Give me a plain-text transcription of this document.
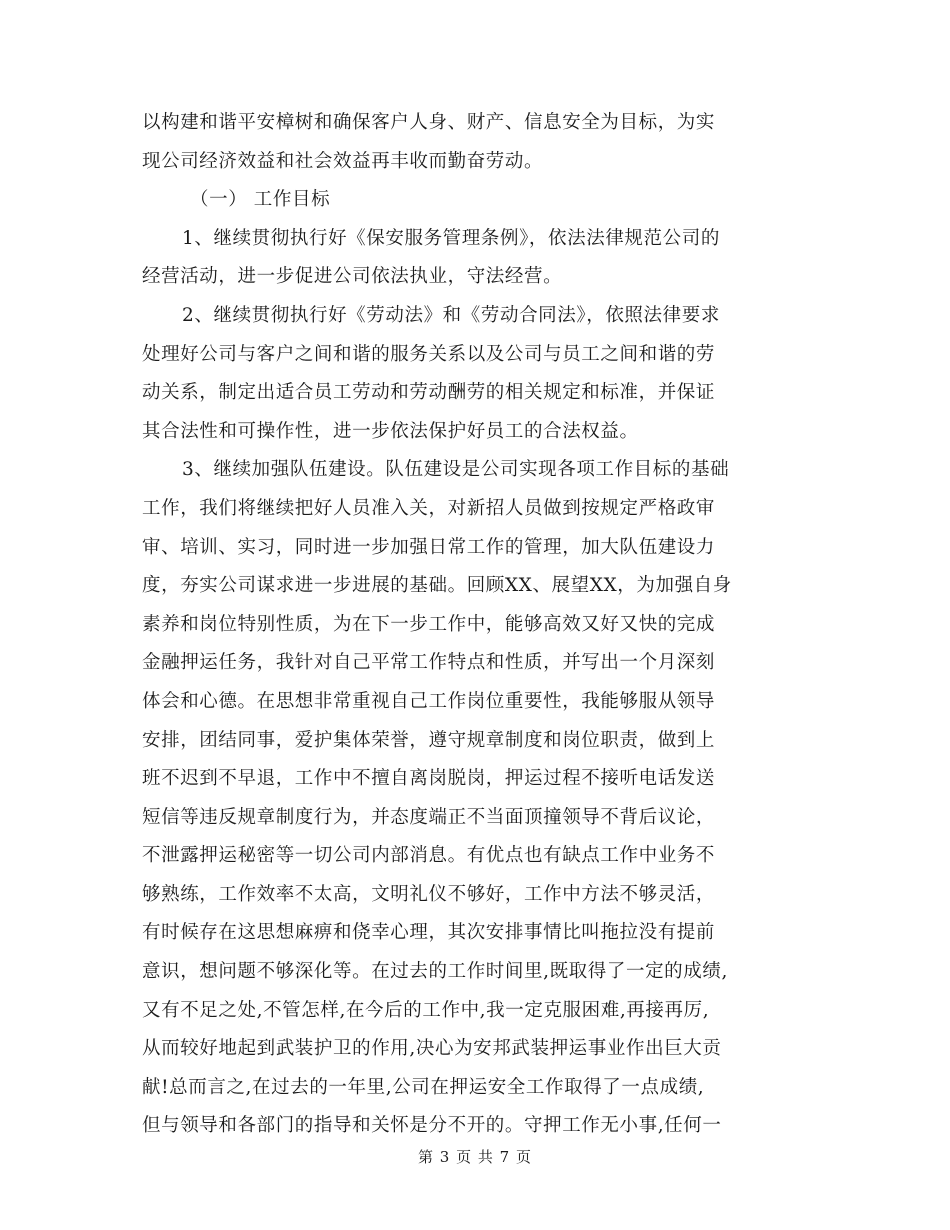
以构建和谐平安樟树和确保客户人身、财产、信息安全为目标，为实
现公司经济效益和社会效益再丰收而勤奋劳动。
（一） 工作目标
1、继续贯彻执行好《保安服务管理条例》，依法法律规范公司的
经营活动，进一步促进公司依法执业，守法经营。
2、继续贯彻执行好《劳动法》和《劳动合同法》，依照法律要求
处理好公司与客户之间和谐的服务关系以及公司与员工之间和谐的劳
动关系，制定出适合员工劳动和劳动酬劳的相关规定和标准，并保证
其合法性和可操作性，进一步依法保护好员工的合法权益。
3、继续加强队伍建设。队伍建设是公司实现各项工作目标的基础
工作，我们将继续把好人员准入关，对新招人员做到按规定严格政审
审、培训、实习，同时进一步加强日常工作的管理，加大队伍建设力
度，夯实公司谋求进一步进展的基础。回顾XX、展望XX，为加强自身
素养和岗位特别性质，为在下一步工作中，能够高效又好又快的完成
金融押运任务，我针对自己平常工作特点和性质，并写出一个月深刻
体会和心德。在思想非常重视自己工作岗位重要性，我能够服从领导
安排，团结同事，爱护集体荣誉，遵守规章制度和岗位职责，做到上
班不迟到不早退，工作中不擅自离岗脱岗，押运过程不接听电话发送
短信等违反规章制度行为，并态度端正不当面顶撞领导不背后议论，
不泄露押运秘密等一切公司内部消息。有优点也有缺点工作中业务不
够熟练，工作效率不太高，文明礼仪不够好，工作中方法不够灵活，
有时候存在这思想麻痹和侥幸心理，其次安排事情比叫拖拉没有提前
意识，想问题不够深化等。在过去的工作时间里,既取得了一定的成绩,
又有不足之处,不管怎样,在今后的工作中,我一定克服困难,再接再厉,
从而较好地起到武装护卫的作用,决心为安邦武装押运事业作出巨大贡
献!总而言之,在过去的一年里,公司在押运安全工作取得了一点成绩,
但与领导和各部门的指导和关怀是分不开的。守押工作无小事,任何一
第 3 页 共 7 页
